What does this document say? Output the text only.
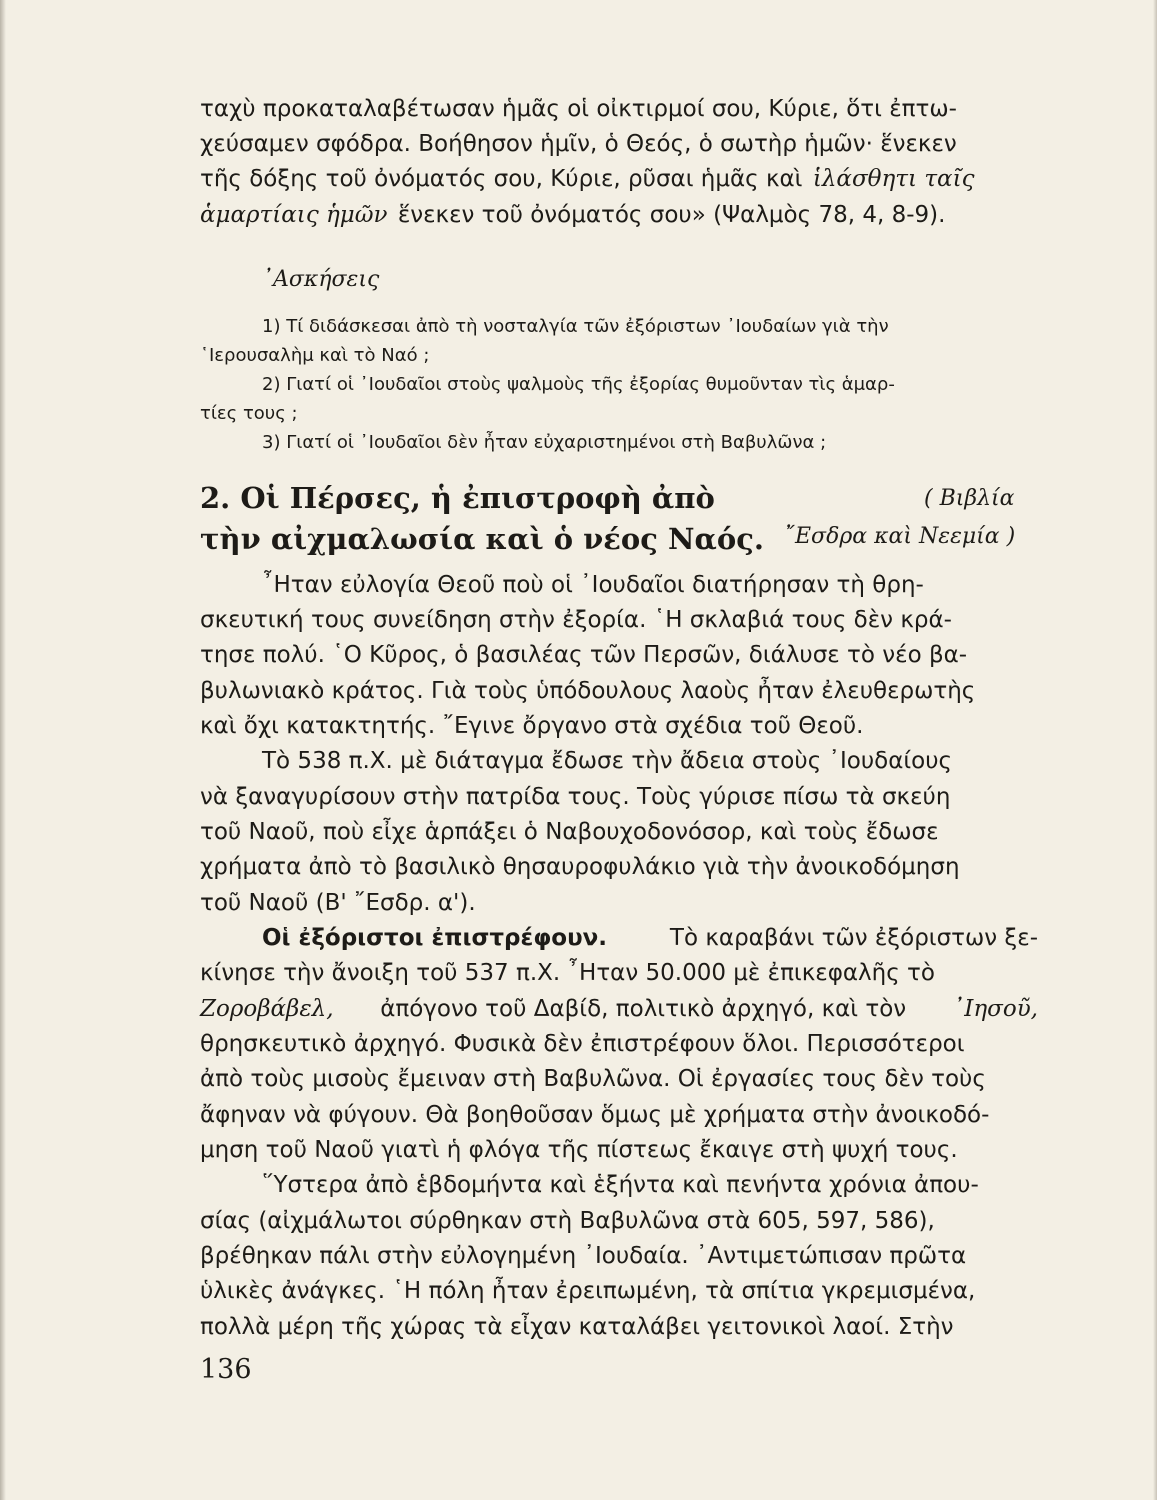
ταχὺ προκαταλαβέτωσαν ἡμᾶς οἱ οἰκτιρμοί σου, Κύριε, ὅτι ἐπτω-
χεύσαμεν σφόδρα. Βοήθησον ἡμῖν, ὁ Θεός, ὁ σωτὴρ ἡμῶν· ἕνεκεν
τῆς δόξης τοῦ ὀνόματός σου, Κύριε, ρῦσαι ἡμᾶς καὶ ἱλάσθητι ταῖς
ἁμαρτίαις ἡμῶν ἕνεκεν τοῦ ὀνόματός σου» (Ψαλμὸς 78, 4, 8-9).
᾿Ασκήσεις
1) Τί διδάσκεσαι ἀπὸ τὴ νοσταλγία τῶν ἐξόριστων ᾿Ιουδαίων γιὰ τὴν
῾Ιερουσαλὴμ καὶ τὸ Ναό ;
2) Γιατί οἱ ᾿Ιουδαῖοι στοὺς ψαλμοὺς τῆς ἐξορίας θυμοῦνταν τὶς ἁμαρ-
τίες τους ;
3) Γιατί οἱ ᾿Ιουδαῖοι δὲν ἦταν εὐχαριστημένοι στὴ Βαβυλῶνα ;
2. Οἱ Πέρσες, ἡ ἐπιστροφὴ ἀπὸ
τὴν αἰχμαλωσία καὶ ὁ νέος Ναός.
( Βιβλία
῎Εσδρα καὶ Νεεμία )
῏Ηταν εὐλογία Θεοῦ ποὺ οἱ ᾿Ιουδαῖοι διατήρησαν τὴ θρη-
σκευτική τους συνείδηση στὴν ἐξορία. ῾Η σκλαβιά τους δὲν κρά-
τησε πολύ. ῾Ο Κῦρος, ὁ βασιλέας τῶν Περσῶν, διάλυσε τὸ νέο βα-
βυλωνιακὸ κράτος. Γιὰ τοὺς ὑπόδουλους λαοὺς ἦταν ἐλευθερωτὴς
καὶ ὄχι κατακτητής. ῎Εγινε ὄργανο στὰ σχέδια τοῦ Θεοῦ.
Τὸ 538 π.Χ. μὲ διάταγμα ἔδωσε τὴν ἄδεια στοὺς ᾿Ιουδαίους
νὰ ξαναγυρίσουν στὴν πατρίδα τους. Τοὺς γύρισε πίσω τὰ σκεύη
τοῦ Ναοῦ, ποὺ εἶχε ἁρπάξει ὁ Ναβουχοδονόσορ, καὶ τοὺς ἔδωσε
χρήματα ἀπὸ τὸ βασιλικὸ θησαυροφυλάκιο γιὰ τὴν ἀνοικοδόμηση
τοῦ Ναοῦ (Β' ῎Εσδρ. α').
Οἱ ἐξόριστοι ἐπιστρέφουν.	Τὸ καραβάνι τῶν ἐξόριστων ξε-
κίνησε τὴν ἄνοιξη τοῦ 537 π.Χ. ῏Ηταν 50.000 μὲ ἐπικεφαλῆς τὸ
Ζοροβάβελ, ἀπόγονο τοῦ Δαβίδ, πολιτικὸ ἀρχηγό, καὶ τὸν ᾿Ιησοῦ,
θρησκευτικὸ ἀρχηγό. Φυσικὰ δὲν ἐπιστρέφουν ὅλοι. Περισσότεροι
ἀπὸ τοὺς μισοὺς ἔμειναν στὴ Βαβυλῶνα. Οἱ ἐργασίες τους δὲν τοὺς
ἄφηναν νὰ φύγουν. Θὰ βοηθοῦσαν ὅμως μὲ χρήματα στὴν ἀνοικοδό-
μηση τοῦ Ναοῦ γιατὶ ἡ φλόγα τῆς πίστεως ἔκαιγε στὴ ψυχή τους.
῞Υστερα ἀπὸ ἑβδομήντα καὶ ἑξήντα καὶ πενήντα χρόνια ἀπου-
σίας (αἰχμάλωτοι σύρθηκαν στὴ Βαβυλῶνα στὰ 605, 597, 586),
βρέθηκαν πάλι στὴν εὐλογημένη ᾿Ιουδαία. ᾿Αντιμετώπισαν πρῶτα
ὑλικὲς ἀνάγκες. ῾Η πόλη ἦταν ἐρειπωμένη, τὰ σπίτια γκρεμισμένα,
πολλὰ μέρη τῆς χώρας τὰ εἶχαν καταλάβει γειτονικοὶ λαοί. Στὴν
136
